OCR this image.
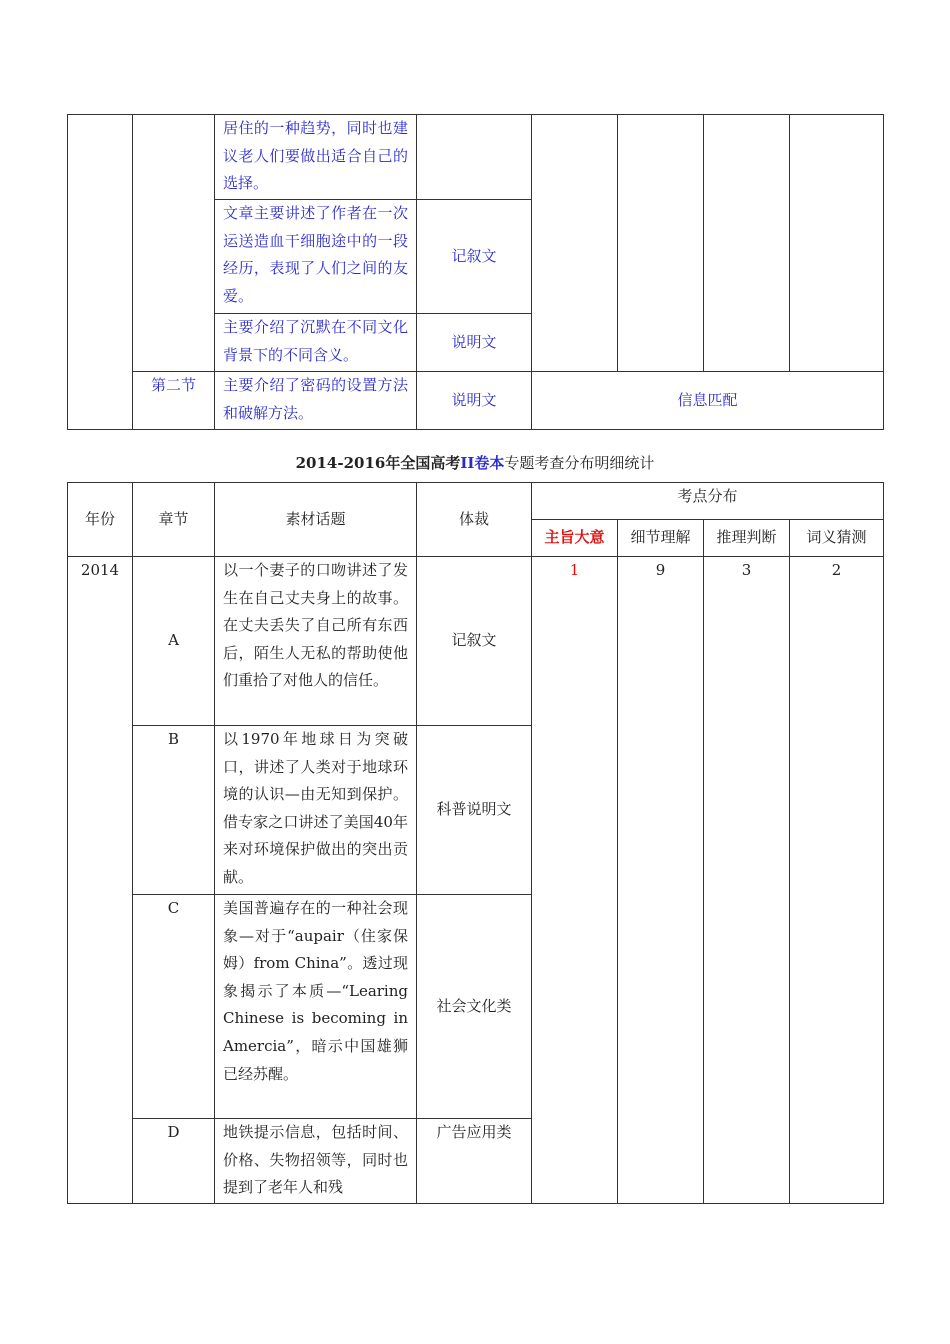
		居住的一种趋势，同时也建议老人们要做出适合自己的选择。					
		文章主要讲述了作者在一次运送造血干细胞途中的一段经历，表现了人们之间的友爱。	记叙文				
		主要介绍了沉默在不同文化背景下的不同含义。	说明文				
	第二节	主要介绍了密码的设置方法和破解方法。	说明文	信息匹配			
2014-2016年全国高考II卷本专题考查分布明细统计
年份	章节	素材话题	体裁	考点分布			
				主旨大意	细节理解	推理判断	词义猜测
2014	A	以一个妻子的口吻讲述了发生在自己丈夫身上的故事。在丈夫丢失了自己所有东西后，陌生人无私的帮助使他们重拾了对他人的信任。	记叙文	1	9	3	2
	B	以1970年地球日为突破口，讲述了人类对于地球环境的认识—由无知到保护。借专家之口讲述了美国40年来对环境保护做出的突出贡献。	科普说明文				
	C	美国普遍存在的一种社会现象—对于“aupair（住家保姆）from China”。透过现象揭示了本质—“Learing Chinese is becoming in Amercia”，暗示中国雄狮已经苏醒。	社会文化类				
	D	地铁提示信息，包括时间、价格、失物招领等，同时也提到了老年人和残	广告应用类				
